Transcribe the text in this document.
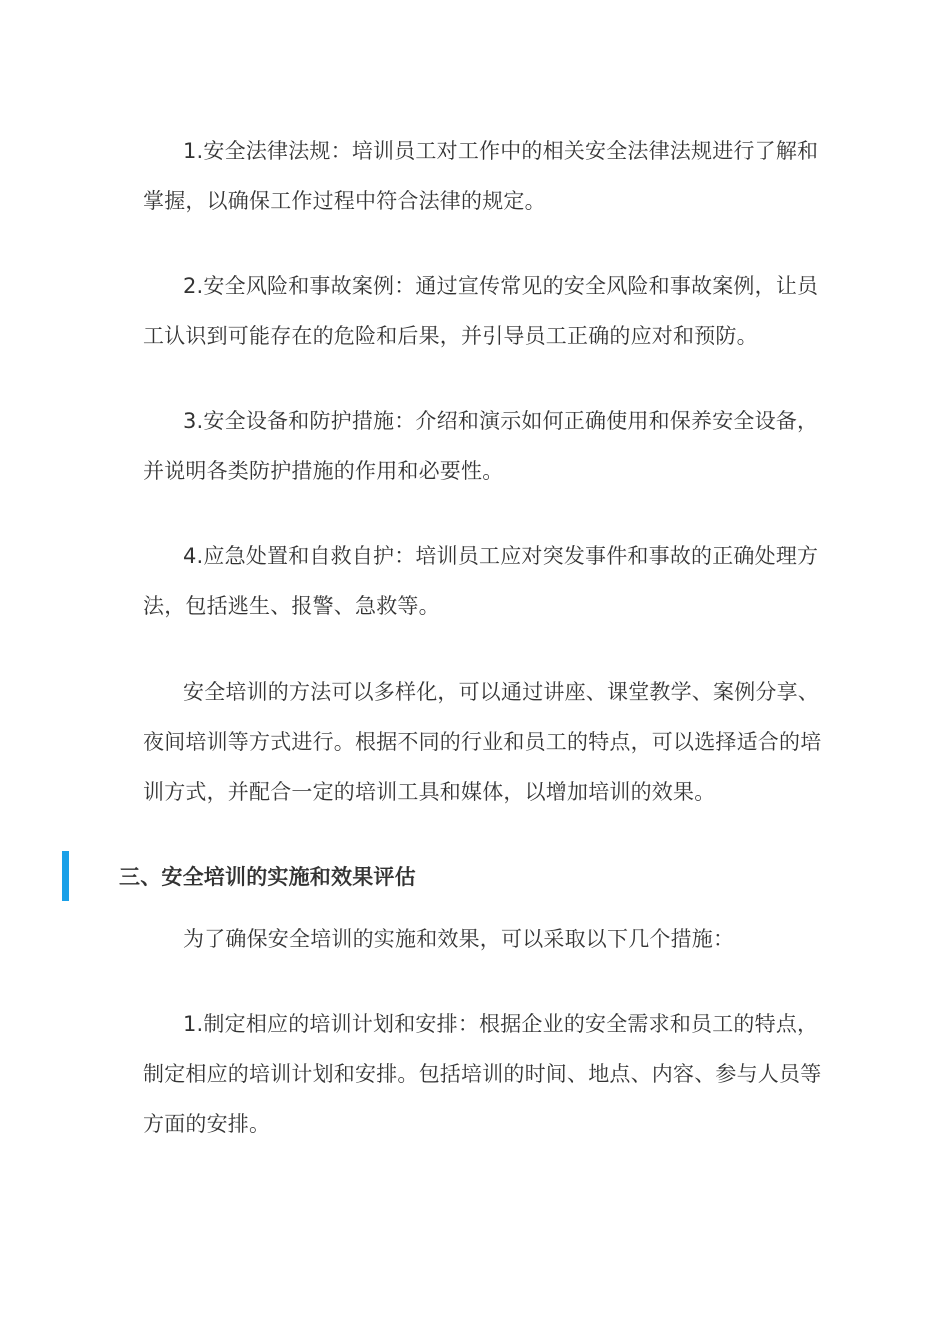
1.安全法律法规：培训员工对工作中的相关安全法律法规进行了解和掌握，以确保工作过程中符合法律的规定。

2.安全风险和事故案例：通过宣传常见的安全风险和事故案例，让员工认识到可能存在的危险和后果，并引导员工正确的应对和预防。

3.安全设备和防护措施：介绍和演示如何正确使用和保养安全设备，并说明各类防护措施的作用和必要性。

4.应急处置和自救自护：培训员工应对突发事件和事故的正确处理方法，包括逃生、报警、急救等。

安全培训的方法可以多样化，可以通过讲座、课堂教学、案例分享、夜间培训等方式进行。根据不同的行业和员工的特点，可以选择适合的培训方式，并配合一定的培训工具和媒体，以增加培训的效果。

三、安全培训的实施和效果评估

为了确保安全培训的实施和效果，可以采取以下几个措施：

1.制定相应的培训计划和安排：根据企业的安全需求和员工的特点，制定相应的培训计划和安排。包括培训的时间、地点、内容、参与人员等方面的安排。
